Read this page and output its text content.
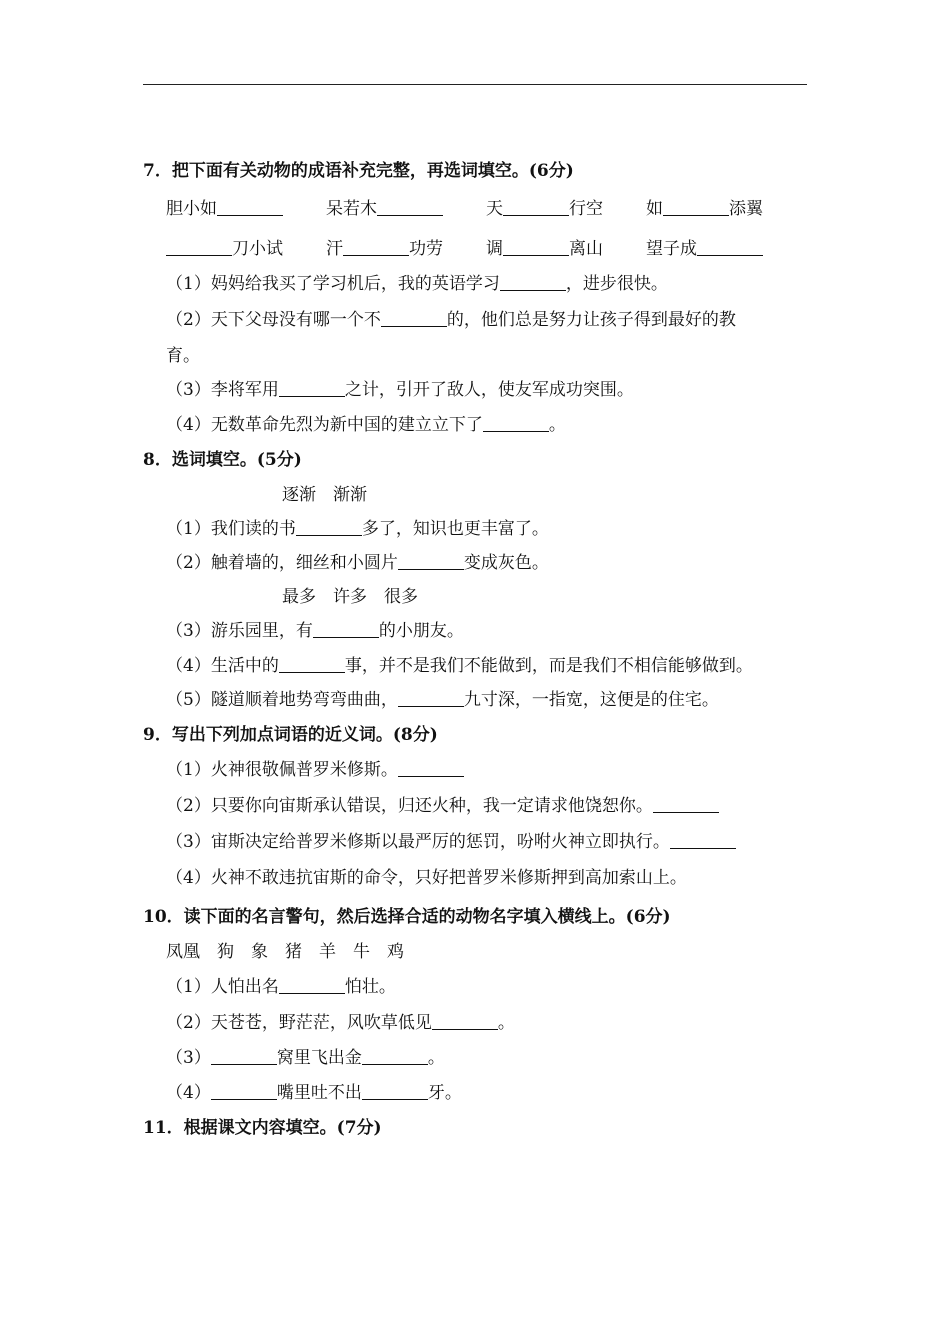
7．把下面有关动物的成语补充完整，再选词填空。(6分)
胆小如	呆若木	天	行空	如	添翼
刀小试	汗	功劳	调	离山	望子成
（1）妈妈给我买了学习机后，我的英语学习	，进步很快。
（2）天下父母没有哪一个不	的，他们总是努力让孩子得到最好的教
育。
（3）李将军用	之计，引开了敌人，使友军成功突围。
（4）无数革命先烈为新中国的建立立下了	。
8．选词填空。(5分)
逐渐　渐渐
（1）我们读的书	多了，知识也更丰富了。
（2）触着墙的，细丝和小圆片	变成灰色。
最多　许多　很多
（3）游乐园里，有	的小朋友。
（4）生活中的	事，并不是我们不能做到，而是我们不相信能够做到。
（5）隧道顺着地势弯弯曲曲，	九寸深，一指宽，这便是的住宅。
9．写出下列加点词语的近义词。(8分)
（1）火神很敬佩普罗米修斯。
（2）只要你向宙斯承认错误，归还火种，我一定请求他饶恕你。
（3）宙斯决定给普罗米修斯以最严厉的惩罚，吩咐火神立即执行。
（4）火神不敢违抗宙斯的命令，只好把普罗米修斯押到高加索山上。
10．读下面的名言警句，然后选择合适的动物名字填入横线上。(6分)
凤凰　狗　象　猪　羊　牛　鸡
（1）人怕出名	怕壮。
（2）天苍苍，野茫茫，风吹草低见	。
（3）	窝里飞出金	。
（4）	嘴里吐不出	牙。
11．根据课文内容填空。(7分)
